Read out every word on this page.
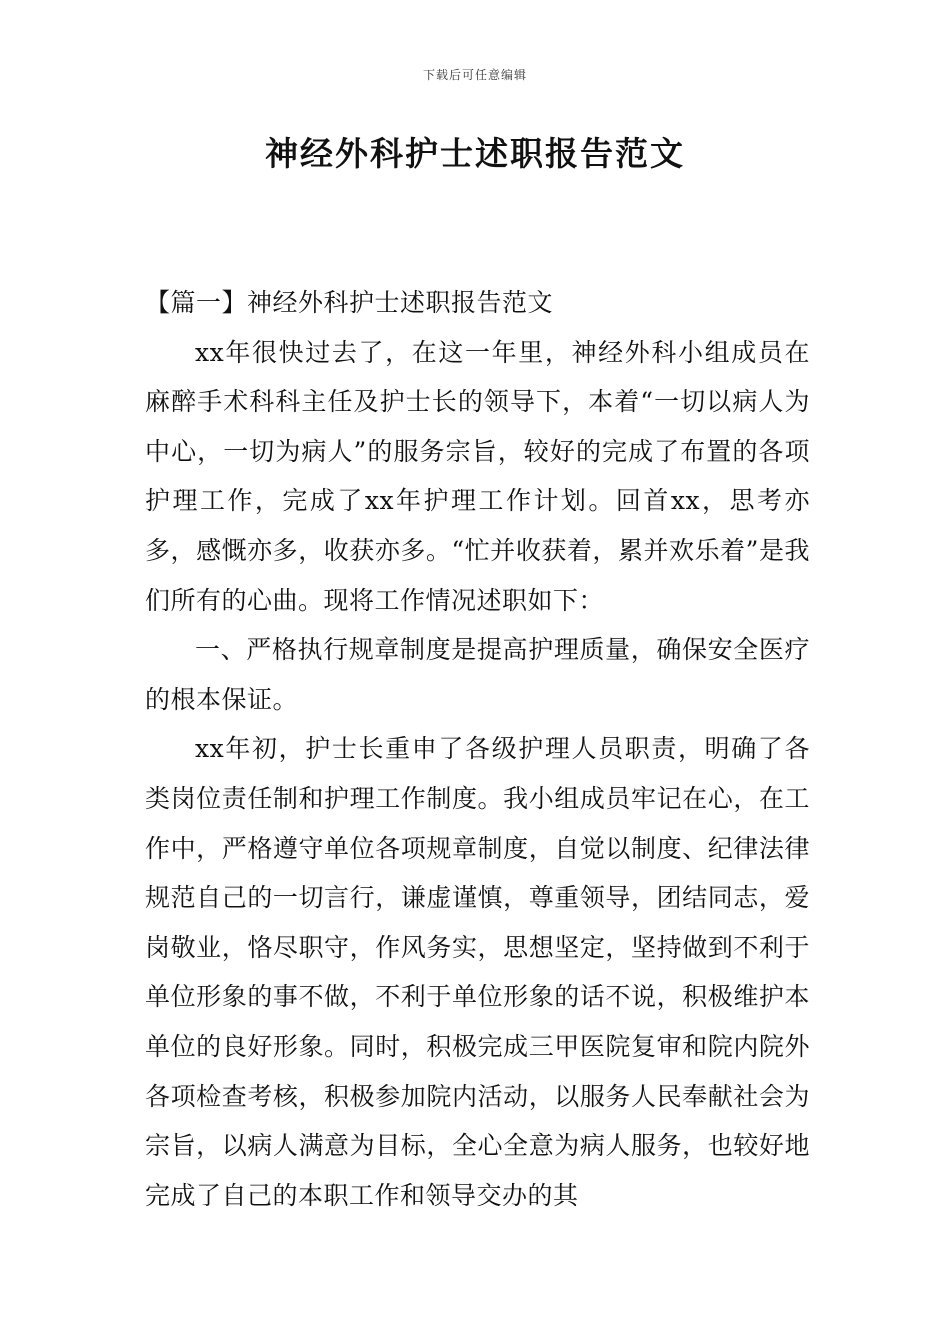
下载后可任意编辑
神经外科护士述职报告范文

【篇一】神经外科护士述职报告范文

xx年很快过去了，在这一年里，神经外科小组成员在麻醉手术科科主任及护士长的领导下，本着“一切以病人为中心，一切为病人”的服务宗旨，较好的完成了布置的各项护理工作，完成了xx年护理工作计划。回首xx，思考亦多，感慨亦多，收获亦多。“忙并收获着，累并欢乐着”是我们所有的心曲。现将工作情况述职如下：

一、严格执行规章制度是提高护理质量，确保安全医疗的根本保证。

xx年初，护士长重申了各级护理人员职责，明确了各类岗位责任制和护理工作制度。我小组成员牢记在心，在工作中，严格遵守单位各项规章制度，自觉以制度、纪律法律规范自己的一切言行，谦虚谨慎，尊重领导，团结同志，爱岗敬业，恪尽职守，作风务实，思想坚定，坚持做到不利于单位形象的事不做，不利于单位形象的话不说，积极维护本单位的良好形象。同时，积极完成三甲医院复审和院内院外各项检查考核，积极参加院内活动，以服务人民奉献社会为宗旨，以病人满意为目标，全心全意为病人服务，也较好地完成了自己的本职工作和领导交办的其
